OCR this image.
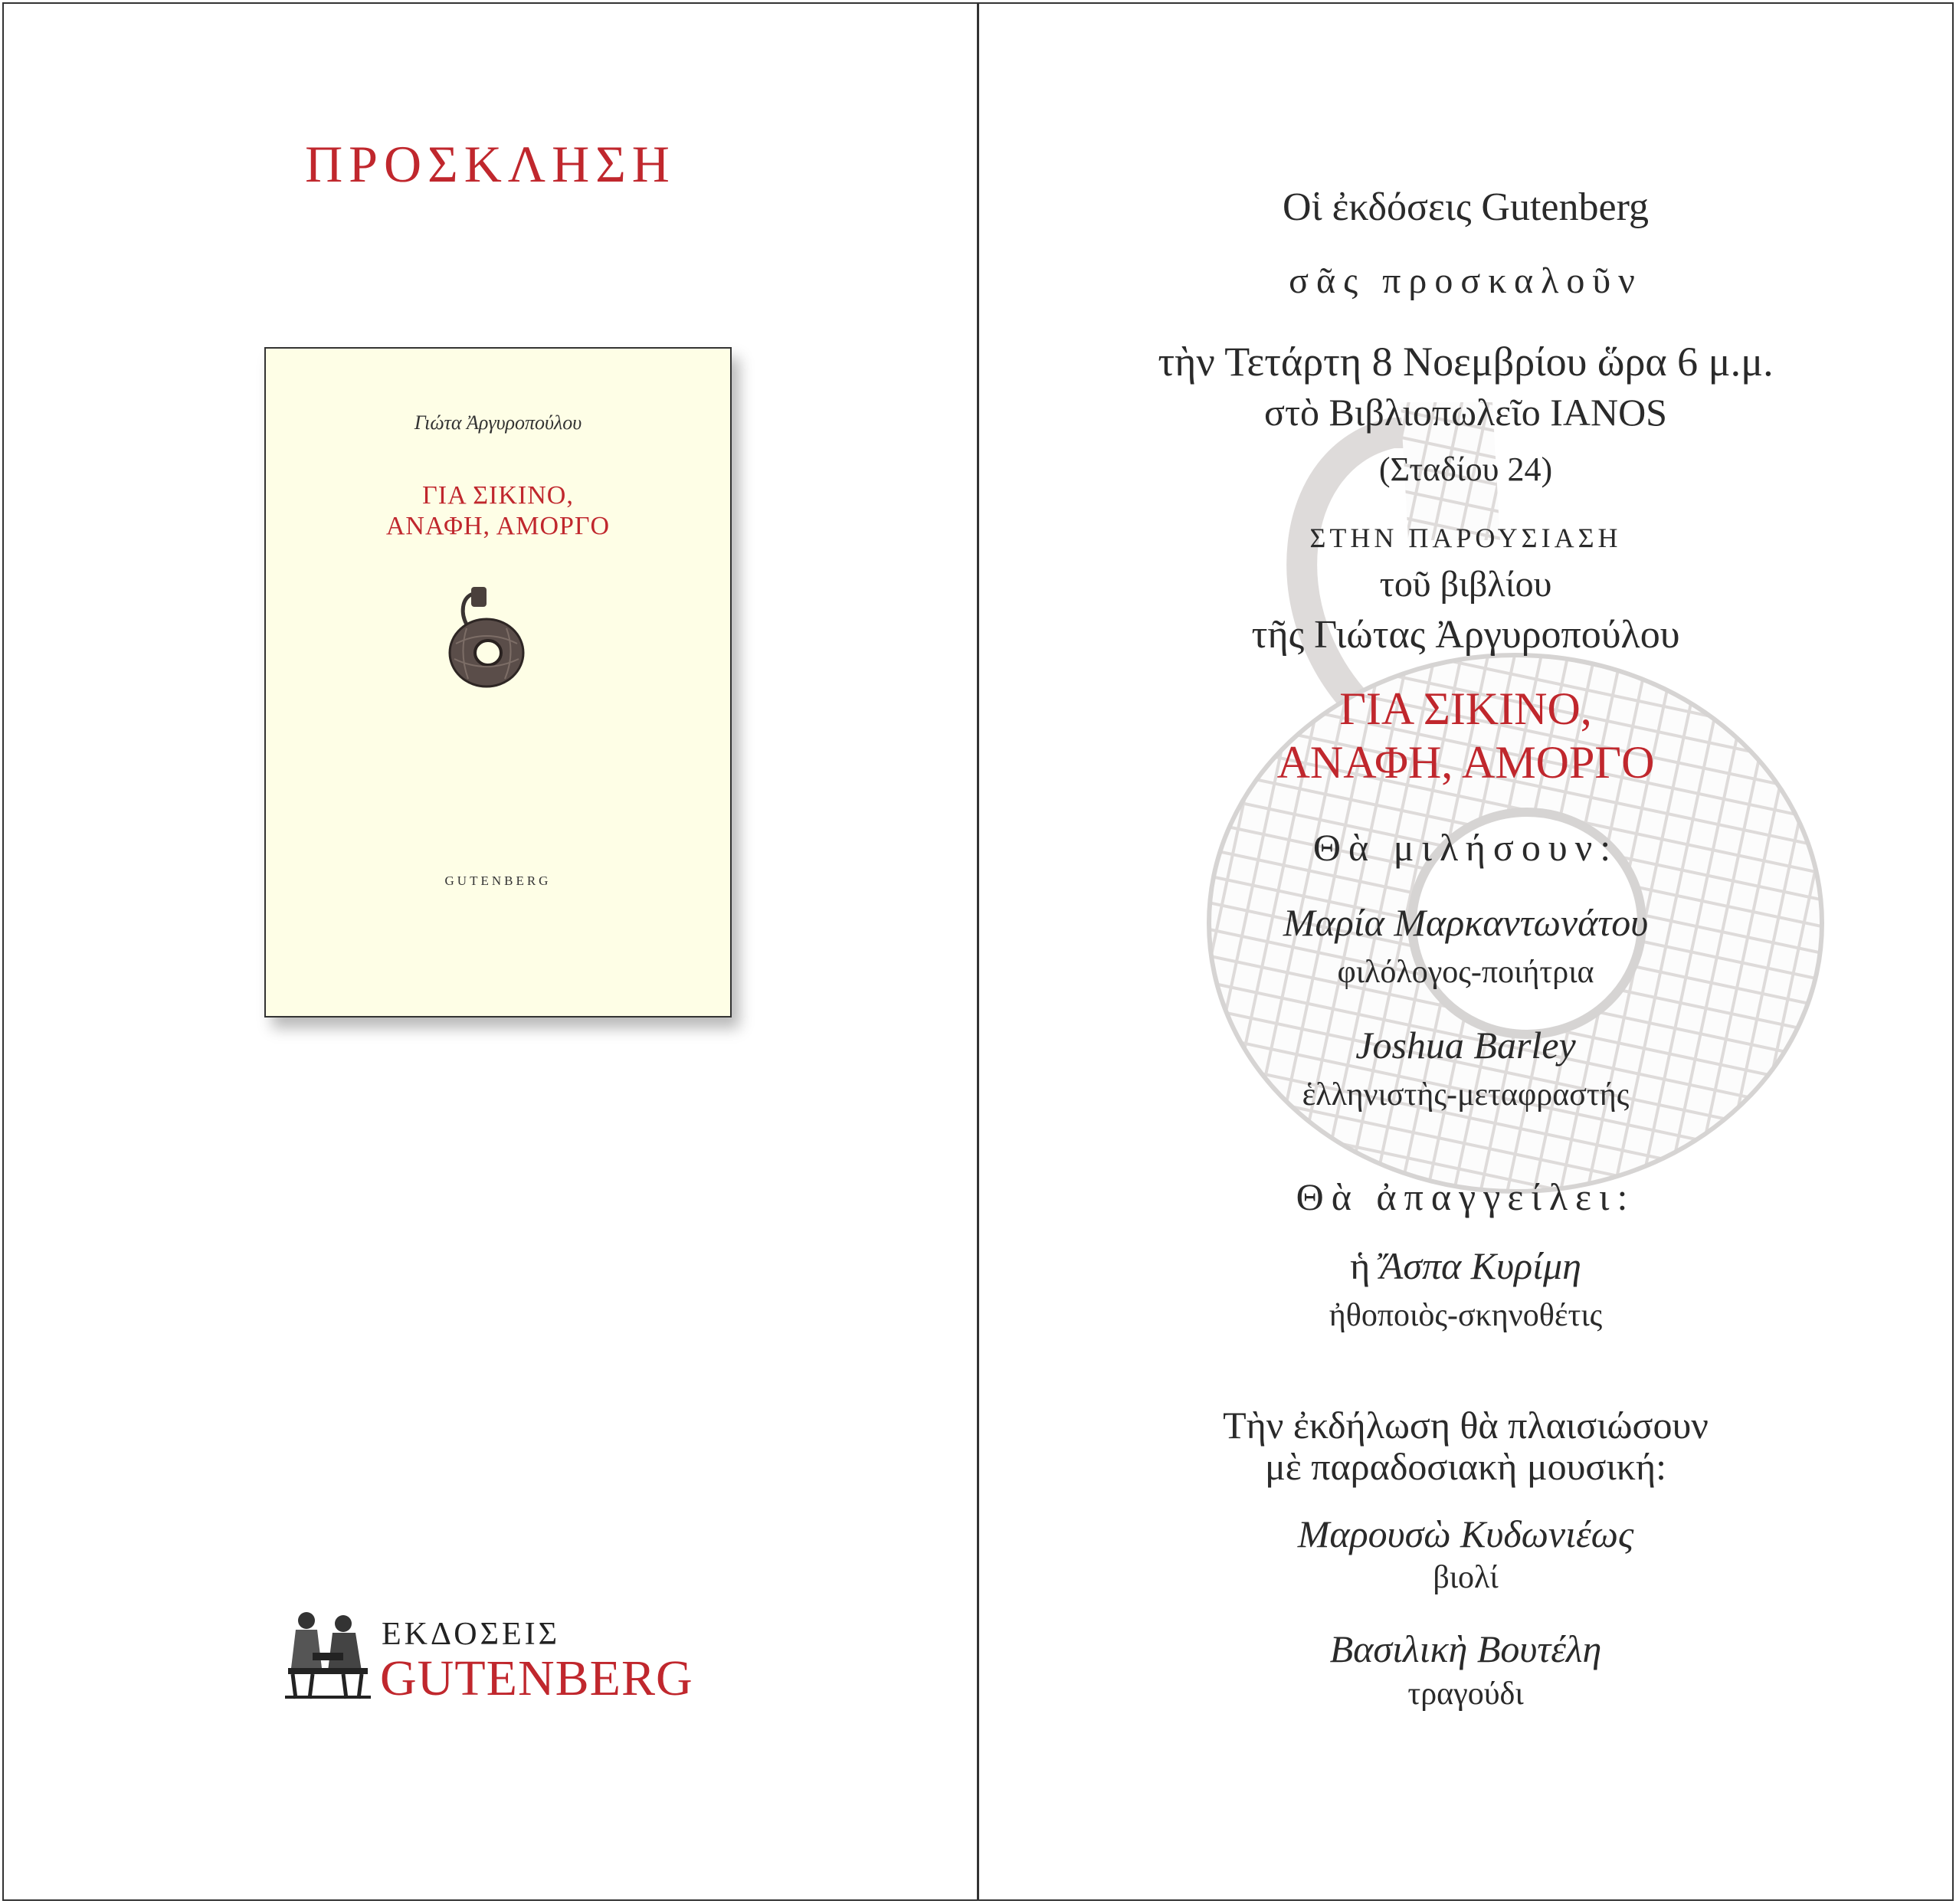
ΠΡΟΣΚΛΗΣΗ
Γιώτα Ἀργυροπούλου
ΓΙΑ ΣΙΚΙΝΟ,
ΑΝΑΦΗ, ΑΜΟΡΓΟ
GUTENBERG
ΕΚΔΟΣΕΙΣ
GUTENBERG

Οἱ ἐκδόσεις Gutenberg

σᾶς προσκαλοῦν

τὴν Τετάρτη 8 Νοεμβρίου ὥρα 6 μ.μ.

στὸ Βιβλιοπωλεῖο IANOS

(Σταδίου 24)

ΣΤΗΝ ΠΑΡΟΥΣΙΑΣΗ

τοῦ βιβλίου

τῆς Γιώτας Ἀργυροπούλου

ΓΙΑ ΣΙΚΙΝΟ,

ΑΝΑΦΗ, ΑΜΟΡΓΟ

Θὰ μιλήσουν:

Μαρία Μαρκαντωνάτου

φιλόλογος-ποιήτρια

Joshua Barley

ἑλληνιστὴς-μεταφραστής

Θὰ ἀπαγγείλει:

ἡ Ἄσπα Κυρίμη

ἠθοποιὸς-σκηνοθέτις

Τὴν ἐκδήλωση θὰ πλαισιώσουν

μὲ παραδοσιακὴ μουσική:

Μαρουσὼ Κυδωνιέως

βιολί

Βασιλικὴ Βουτέλη

τραγούδι
